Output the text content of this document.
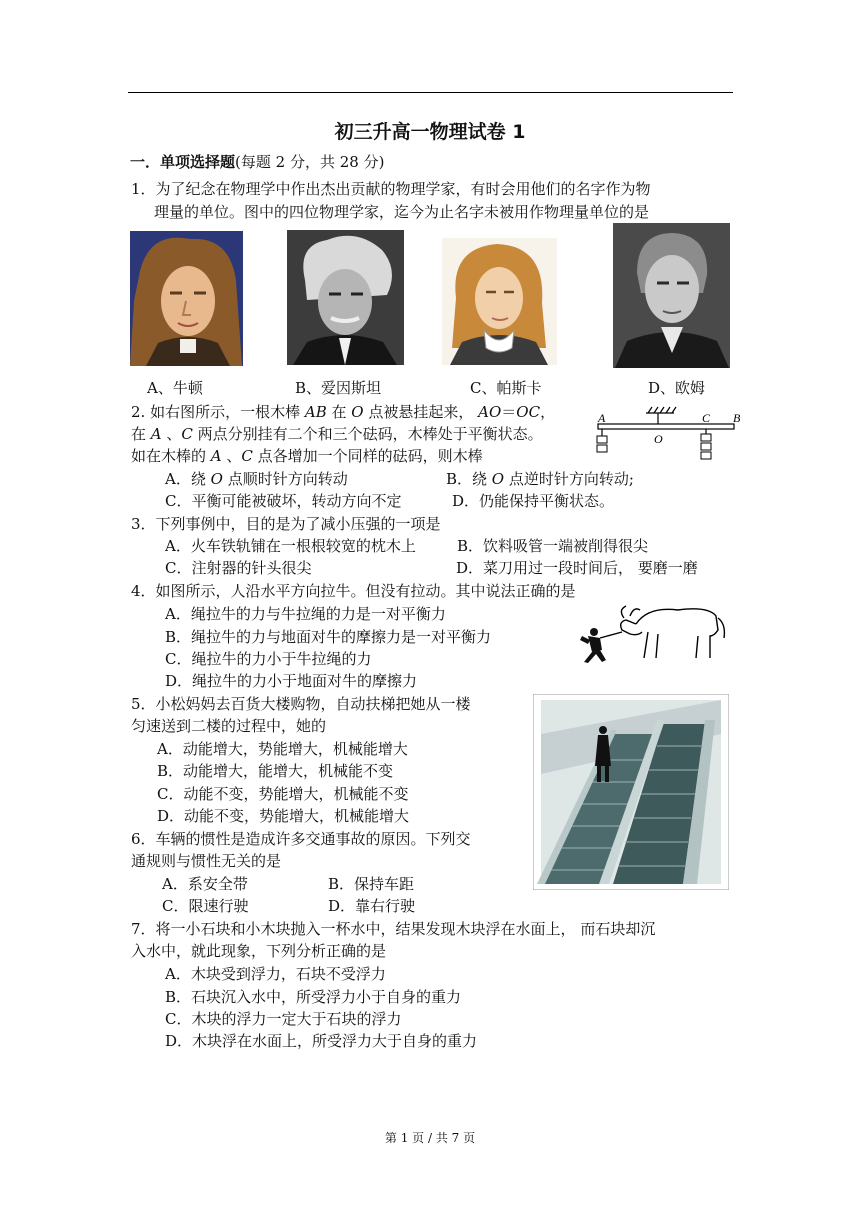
初三升高一物理试卷 1
一．单项选择题(每题 2 分，共 28 分)
1．为了纪念在物理学中作出杰出贡献的物理学家，有时会用他们的名字作为物
理量的单位。图中的四位物理学家，迄今为止名字未被用作物理量单位的是
A、牛顿	B、爱因斯坦	C、帕斯卡	D、欧姆
2. 如右图所示，一根木棒 AB 在 O 点被悬挂起来， AO＝OC，
在 A 、C 两点分别挂有二个和三个砝码，木棒处于平衡状态。
如在木棒的 A 、C 点各增加一个同样的砝码，则木棒
A．绕 O 点顺时针方向转动	B．绕 O 点逆时针方向转动;
C．平衡可能被破坏，转动方向不定	D．仍能保持平衡状态。
A
O
C B
3．下列事例中，目的是为了减小压强的一项是
A．火车铁轨铺在一根根较宽的枕木上	B．饮料吸管一端被削得很尖
C．注射器的针头很尖	D．菜刀用过一段时间后， 要磨一磨
4．如图所示，人沿水平方向拉牛。但没有拉动。其中说法正确的是
A．绳拉牛的力与牛拉绳的力是一对平衡力
B．绳拉牛的力与地面对牛的摩擦力是一对平衡力
C．绳拉牛的力小于牛拉绳的力
D．绳拉牛的力小于地面对牛的摩擦力
5．小松妈妈去百货大楼购物，自动扶梯把她从一楼
匀速送到二楼的过程中，她的
A．动能增大，势能增大，机械能增大
B．动能增大，能增大，机械能不变
C．动能不变，势能增大，机械能不变
D．动能不变，势能增大，机械能增大
6．车辆的惯性是造成许多交通事故的原因。下列交
通规则与惯性无关的是
A．系安全带	B．保持车距
C．限速行驶	D．靠右行驶
7．将一小石块和小木块抛入一杯水中，结果发现木块浮在水面上， 而石块却沉
入水中，就此现象，下列分析正确的是
A．木块受到浮力，石块不受浮力
B．石块沉入水中，所受浮力小于自身的重力
C．木块的浮力一定大于石块的浮力
D．木块浮在水面上，所受浮力大于自身的重力
第 1 页 / 共 7 页
